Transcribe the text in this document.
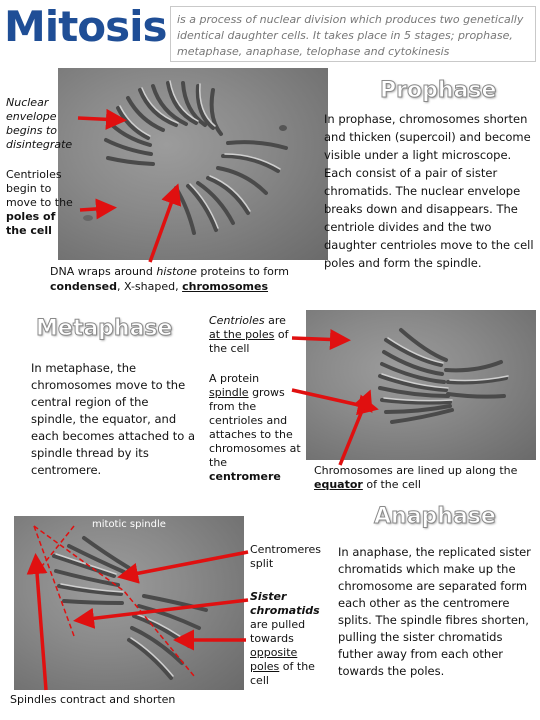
Mitosis is a process of nuclear division which produces two genetically identical daughter cells. It takes place in 5 stages; prophase, metaphase, anaphase, telophase and cytokinesis
Nuclear envelope begins to disintegrate
Centrioles begin to move to the poles of the cell
Prophase
In prophase, chromosomes shorten and thicken (supercoil) and become visible under a light microscope. Each consist of a pair of sister chromatids. The nuclear envelope breaks down and disappears. The centriole divides and the two daughter centrioles move to the cell poles and form the spindle.
DNA wraps around histone proteins to form
condensed, X-shaped, chromosomes
Metaphase
In metaphase, the chromosomes move to the central region of the spindle, the equator, and each becomes attached to a spindle thread by its centromere.
Centrioles are at the poles of the cell
A protein spindle grows from the centrioles and attaches to the chromosomes at the centromere	Chromosomes are lined up along the equator of the cell
Anaphase
mitotic spindle
Centromeres split
Sister chromatids are pulled towards opposite poles of the cell
Spindles contract and shorten
In anaphase, the replicated sister chromatids which make up the chromosome are separated form each other as the centromere splits. The spindle fibres shorten, pulling the sister chromatids futher away from each other towards the poles.
